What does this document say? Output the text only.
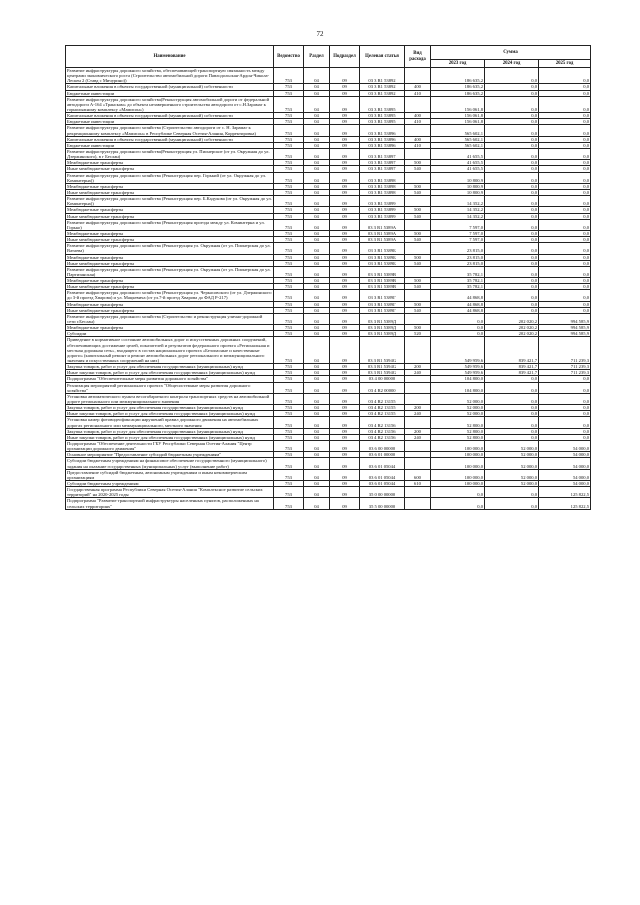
72
Наименование	Ведомство	Раздел	Подраздел	Целевая статья	Вид расхода	Сумма		
						2023 год	2024 год	2025 год
Развитие инфраструктуры дорожного хозяйства, обеспечивающей транспортную связанность между центрами экономического роста (Строительство автомобильной дороги Павлодольская-Ардон-Чикола-Лескен 2 (Ставд с Мичурино))	753	04	09	03 3 R1 53892		186 635,2	0,0	0,0
Капитальные вложения в объекты государственной (муниципальной) собственности	753	04	09	03 3 R1 53892	400	186 635,2	0,0	0,0
Бюджетные инвестиции	753	04	09	03 3 R1 53892	410	186 635,2	0,0	0,0
Развитие инфраструктуры дорожного хозяйства(Реконструкция автомобильной дороги от федеральной автодороги А-164 «Транскам» до объекта незавершенного строительства автодороги от с.Н.Зарамаг к горнолыжному комплексу «Мамисон»)	753	04	09	03 3 R1 53895		156 061,8	0,0	0,0
Капитальные вложения в объекты государственной (муниципальной) собственности	753	04	09	03 3 R1 53895	400	156 061,8	0,0	0,0
Бюджетные инвестиции	753	04	09	03 3 R1 53895	410	156 061,8	0,0	0,0
Развитие инфраструктуры дорожного хозяйства (Строительство автодороги от с. Н. Зарамаг к рекреационному комплексу «Мамисон» в Республике Северная Осетия-Алания, Корректировка)	753	04	09	03 3 R1 53896		565 602,1	0,0	0,0
Капитальные вложения в объекты государственной (муниципальной) собственности	753	04	09	03 3 R1 53896	400	565 602,1	0,0	0,0
Бюджетные инвестиции	753	04	09	03 3 R1 53896	410	565 602,1	0,0	0,0
Развитие инфраструктуры дорожного хозяйства(Реконструкция ул. Пионерское (от ул. Окружная до ул. Дзержинского), в г Беслан)	753	04	09	03 3 R1 53897		41 655,5	0,0	0,0
Межбюджетные трансферты	753	04	09	03 3 R1 53897	500	41 655,5	0,0	0,0
Иные межбюджетные трансферты	753	04	09	03 3 R1 53897	540	41 655,5	0,0	0,0
Развитие инфраструктуры дорожного хозяйства (Реконструкция пер. Горький (от ул. Окружная до ул. Коминтерна))	753	04	09	03 3 R1 53898		10 800,9	0,0	0,0
Межбюджетные трансферты	753	04	09	03 3 R1 53898	500	10 800,9	0,0	0,0
Иные межбюджетные трансферты	753	04	09	03 3 R1 53898	540	10 800,9	0,0	0,0
Развитие инфраструктуры дорожного хозяйства (Реконструкция пер. Б.Кадукова (от ул. Окружная до ул. Коминтерна))	753	04	09	03 3 R1 53899		14 352,2	0,0	0,0
Межбюджетные трансферты	753	04	09	03 3 R1 53899	500	14 352,2	0,0	0,0
Иные межбюджетные трансферты	753	04	09	03 3 R1 53899	540	14 352,2	0,0	0,0
Развитие инфраструктуры дорожного хозяйства (Реконструкция проезда между ул. Коминтерна и ул. Горько)	753	04	09	03 3 R1 5389А		7 597,0	0,0	0,0
Межбюджетные трансферты	753	04	09	03 3 R1 5389А	500	7 597,0	0,0	0,0
Иные межбюджетные трансферты	753	04	09	03 3 R1 5389А	540	7 597,0	0,0	0,0
Развитие инфраструктуры дорожного хозяйства (Реконструкция ул. Окружная (от ул. Пионерская до ул. Ватаева)	753	04	09	03 3 R1 5389Б		23 815,0	0,0	0,0
Межбюджетные трансферты	753	04	09	03 3 R1 5389Б	500	23 815,0	0,0	0,0
Иные межбюджетные трансферты	753	04	09	03 3 R1 5389Б	540	23 815,0	0,0	0,0
Развитие инфраструктуры дорожного хозяйства (Реконструкция ул. Окружная (от ул. Пионерская до ул. Партизанская)	753	04	09	03 3 R1 5389В		35 782,1	0,0	0,0
Межбюджетные трансферты	753	04	09	03 3 R1 5389В	500	35 782,1	0,0	0,0
Иные межбюджетные трансферты	753	04	09	03 3 R1 5389В	540	35 782,1	0,0	0,0
Развитие инфраструктуры дорожного хозяйства (Реконструкция ул. Черкасовского (от ул. Дзержинского до 3-й проезд Хварова) и ул. Мацкевича (от ул.7-й проезд Хварова до ФАД Р-217)	753	04	09	03 3 R1 5389Г		44 868,8	0,0	0,0
Межбюджетные трансферты	753	04	09	03 3 R1 5389Г	500	44 868,8	0,0	0,0
Иные межбюджетные трансферты	753	04	09	03 3 R1 5389Г	540	44 868,8	0,0	0,0
Развитие инфраструктуры дорожного хозяйства (Строительство и реконструкция улично-дорожной сети г.Беслан)	753	04	09	03 3 R1 5389Д		0,0	202 020,2	994 585,9
Межбюджетные трансферты	753	04	09	03 3 R1 5389Д	500	0,0	202 020,2	994 585,9
Субсидии	753	04	09	03 3 R1 5389Д	520	0,0	202 020,2	994 585,9
Приведение в нормативное состояние автомобильных дорог и искусственных дорожных сооружений, обеспечивающих достижение целей, показателей и результатов федерального проекта «Региональная и местная дорожная сеть», входящего в состав национального проекта «Безопасные и качественные дороги» (капитальный ремонт и ремонт автомобильных дорог регионального и межмуниципального значения и искусственных сооружений на них)	753	04	09	03 3 R1 5394G		549 959,6	839 421,7	711 239,3
Закупка товаров, работ и услуг для обеспечения государственных (муниципальных) нужд	753	04	09	03 3 R1 5394G	200	549 959,6	839 421,7	711 239,3
Иные закупки товаров, работ и услуг для обеспечения государственных (муниципальных) нужд	753	04	09	03 3 R1 5394G	240	549 959,6	839 421,7	711 239,3
Подпрограмма "Обеспечительные меры развития дорожного хозяйства"	753	04	09	03 4 00 00000		104 800,0	0,0	0,0
Реализация мероприятий регионального проекта "Общесистемные меры развития дорожного хозяйства"	753	04	09	03 4 R2 00000		104 800,0	0,0	0,0
Установка автоматического пункта весогабаритного контроля транспортных средств на автомобильной дороге регионального или межмуниципального значения	753	04	09	03 4 R2 13155		52 000,0	0,0	0,0
Закупка товаров, работ и услуг для обеспечения государственных (муниципальных) нужд	753	04	09	03 4 R2 13155	200	52 000,0	0,0	0,0
Иные закупки товаров, работ и услуг для обеспечения государственных (муниципальных) нужд	753	04	09	03 4 R2 13155	240	52 000,0	0,0	0,0
Установка камер фотовидеофиксации нарушений правил дорожного движения на автомобильных дорогах регионального или межмуниципального, местного значения	753	04	09	03 4 R2 13156		52 800,0	0,0	0,0
Закупка товаров, работ и услуг для обеспечения государственных (муниципальных) нужд	753	04	09	03 4 R2 13156	200	52 800,0	0,0	0,0
Иные закупки товаров, работ и услуг для обеспечения государственных (муниципальных) нужд	753	04	09	03 4 R2 13156	240	52 800,0	0,0	0,0
Подпрограмма "Обеспечение деятельности ГБУ Республики Северная Осетия-Алания "Центр организации дорожного движения"	753	04	09	03 6 00 00000		100 000,0	52 000,0	54 000,0
Основное мероприятие "Предоставление субсидий бюджетным учреждениям"	753	04	09	03 6 01 00000		100 000,0	52 000,0	54 000,0
Субсидии бюджетным учреждениям на финансовое обеспечение государственного (муниципального) задания на оказание государственных (муниципальных) услуг (выполнение работ)	753	04	09	03 6 01 05044		100 000,0	52 000,0	54 000,0
Предоставление субсидий бюджетным, автономным учреждениям и иным некоммерческим организациям	753	04	09	03 6 01 05044	600	100 000,0	52 000,0	54 000,0
Субсидии бюджетным учреждениям	753	04	09	03 6 01 05044	610	100 000,0	52 000,0	54 000,0
Государственная программа Республики Северная Осетия-Алания "Комплексное развитие сельских территорий" на 2020-2025 годы	753	04	09	35 0 00 00000		0,0	0,0	125 822,5
Подпрограмма "Развитие транспортной инфраструктуры населенных пунктов, расположенных на сельских территориях"	753	04	09	35 5 00 00000		0,0	0,0	125 822,5
